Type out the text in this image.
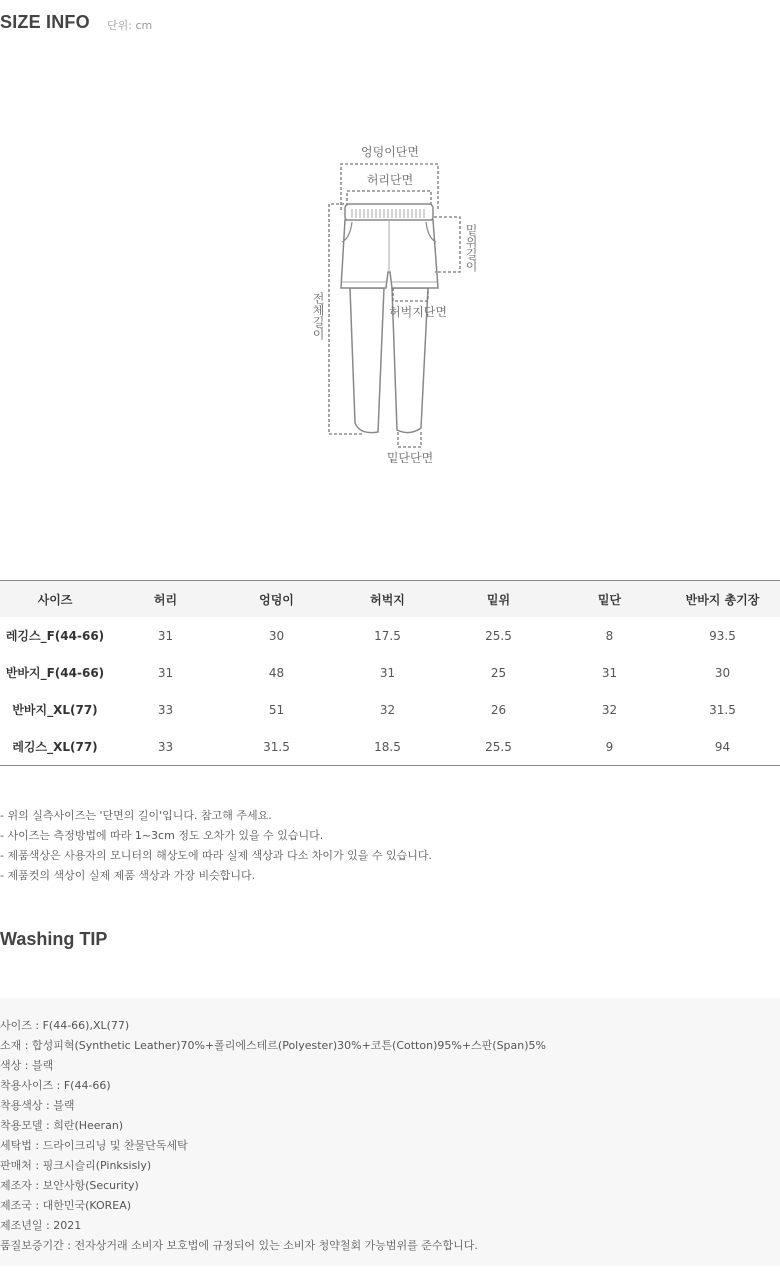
SIZE INFO 단위: cm
엉덩이단면
허리단면
허벅지단면
밑단단면
전체길이
밑위길이
사이즈	허리	엉덩이	허벅지	밑위	밑단	반바지 총기장
레깅스_F(44-66)	31	30	17.5	25.5	8	93.5
반바지_F(44-66)	31	48	31	25	31	30
반바지_XL(77)	33	51	32	26	32	31.5
레깅스_XL(77)	33	31.5	18.5	25.5	9	94
- 위의 실측사이즈는 '단면의 길이'입니다. 참고해 주세요.
- 사이즈는 측정방법에 따라 1~3cm 정도 오차가 있을 수 있습니다.
- 제품색상은 사용자의 모니터의 해상도에 따라 실제 색상과 다소 차이가 있을 수 있습니다.
- 제품컷의 색상이 실제 제품 색상과 가장 비슷합니다.
Washing TIP
사이즈 : F(44-66),XL(77)
소재 : 합성피혁(Synthetic Leather)70%+폴리에스테르(Polyester)30%+코튼(Cotton)95%+스판(Span)5%
색상 : 블랙
착용사이즈 : F(44-66)
착용색상 : 블랙
착용모델 : 희란(Heeran)
세탁법 : 드라이크리닝 및 찬물단독세탁
판매처 : 핑크시슬리(Pinksisly)
제조자 : 보안사항(Security)
제조국 : 대한민국(KOREA)
제조년일 : 2021
품질보증기간 : 전자상거래 소비자 보호법에 규정되어 있는 소비자 청약철회 가능범위를 준수합니다.
